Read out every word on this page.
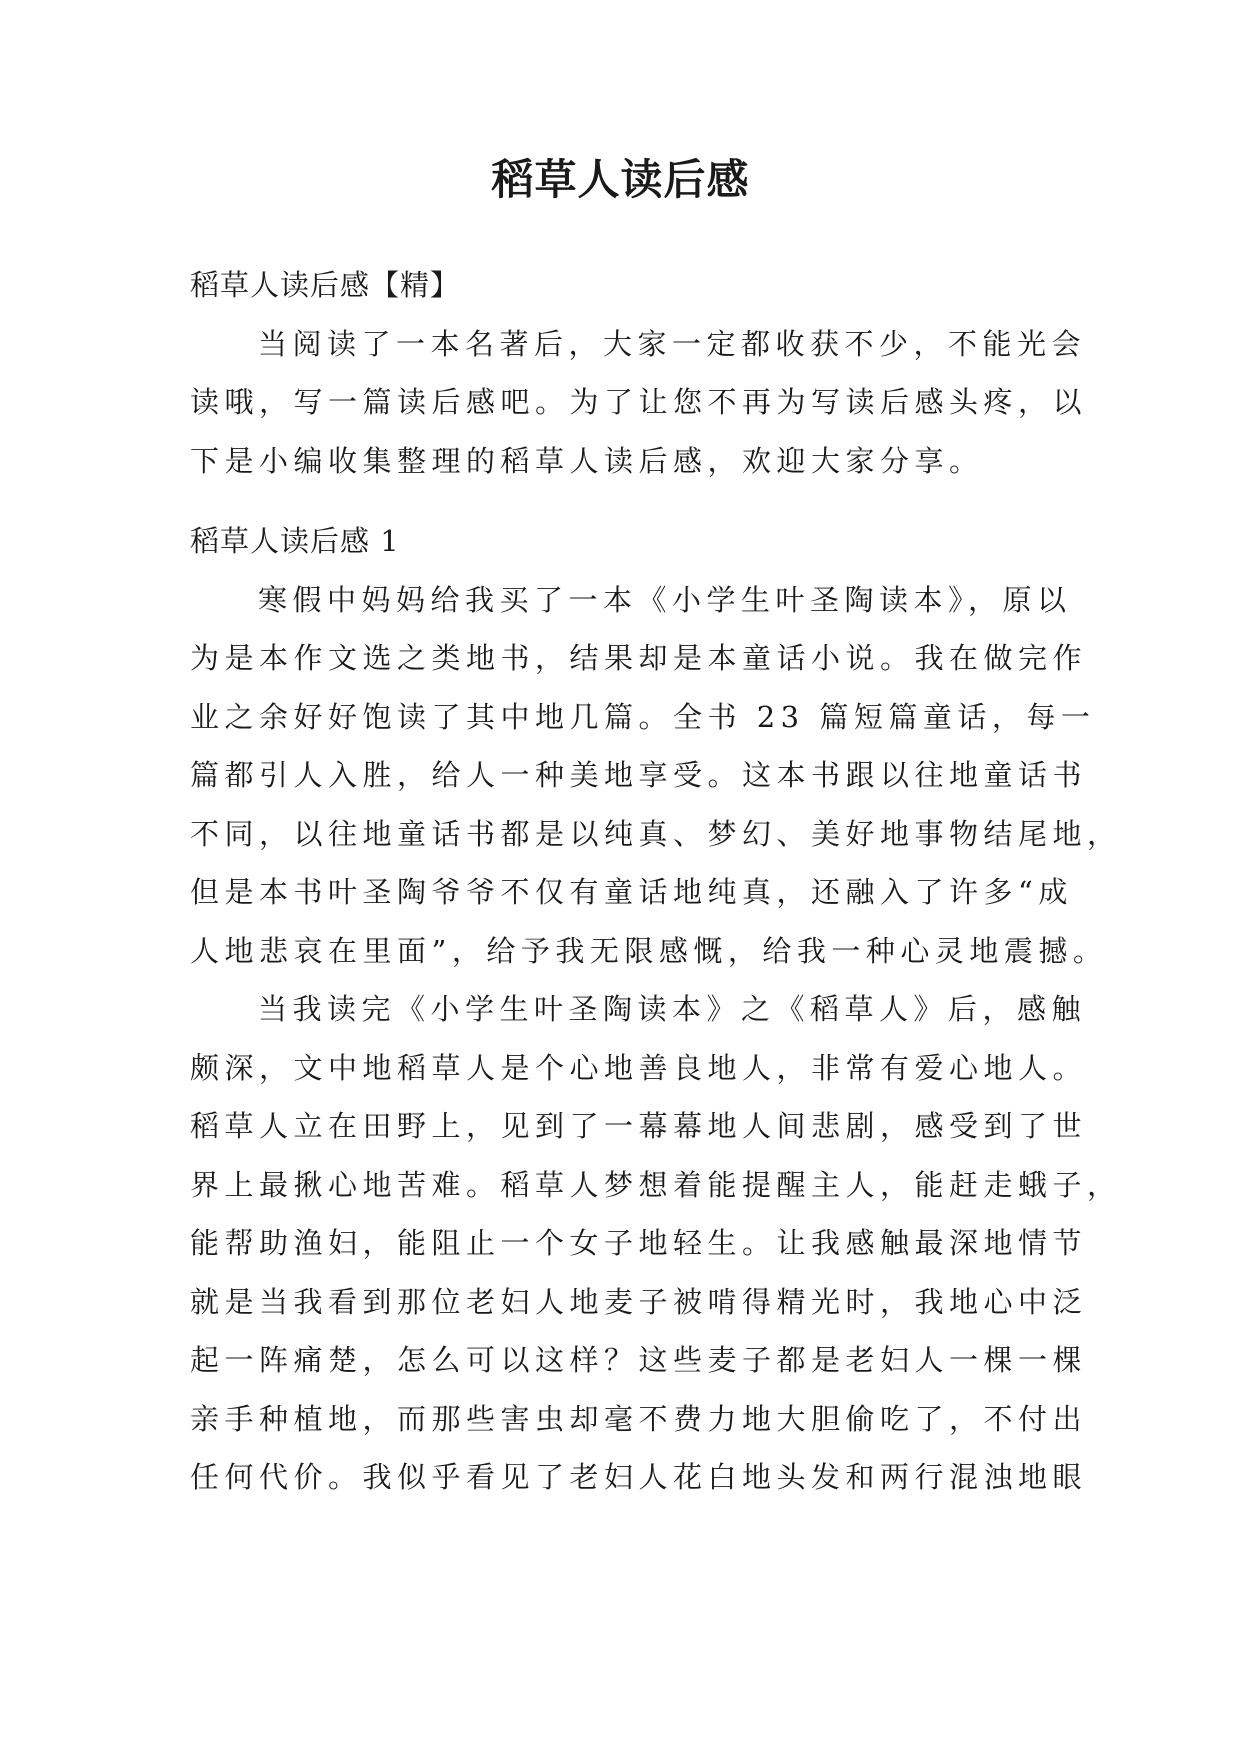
稻草人读后感
稻草人读后感【精】
当阅读了一本名著后，大家一定都收获不少，不能光会
读哦，写一篇读后感吧。为了让您不再为写读后感头疼，以
下是小编收集整理的稻草人读后感，欢迎大家分享。
稻草人读后感 1
寒假中妈妈给我买了一本《小学生叶圣陶读本》，原以
为是本作文选之类地书，结果却是本童话小说。我在做完作
业之余好好饱读了其中地几篇。全书 23 篇短篇童话，每一
篇都引人入胜，给人一种美地享受。这本书跟以往地童话书
不同，以往地童话书都是以纯真、梦幻、美好地事物结尾地，
但是本书叶圣陶爷爷不仅有童话地纯真，还融入了许多“成
人地悲哀在里面”，给予我无限感慨，给我一种心灵地震撼。
当我读完《小学生叶圣陶读本》之《稻草人》后，感触
颇深，文中地稻草人是个心地善良地人，非常有爱心地人。
稻草人立在田野上，见到了一幕幕地人间悲剧，感受到了世
界上最揪心地苦难。稻草人梦想着能提醒主人，能赶走蛾子，
能帮助渔妇，能阻止一个女子地轻生。让我感触最深地情节
就是当我看到那位老妇人地麦子被啃得精光时，我地心中泛
起一阵痛楚，怎么可以这样？这些麦子都是老妇人一棵一棵
亲手种植地，而那些害虫却毫不费力地大胆偷吃了，不付出
任何代价。我似乎看见了老妇人花白地头发和两行混浊地眼
